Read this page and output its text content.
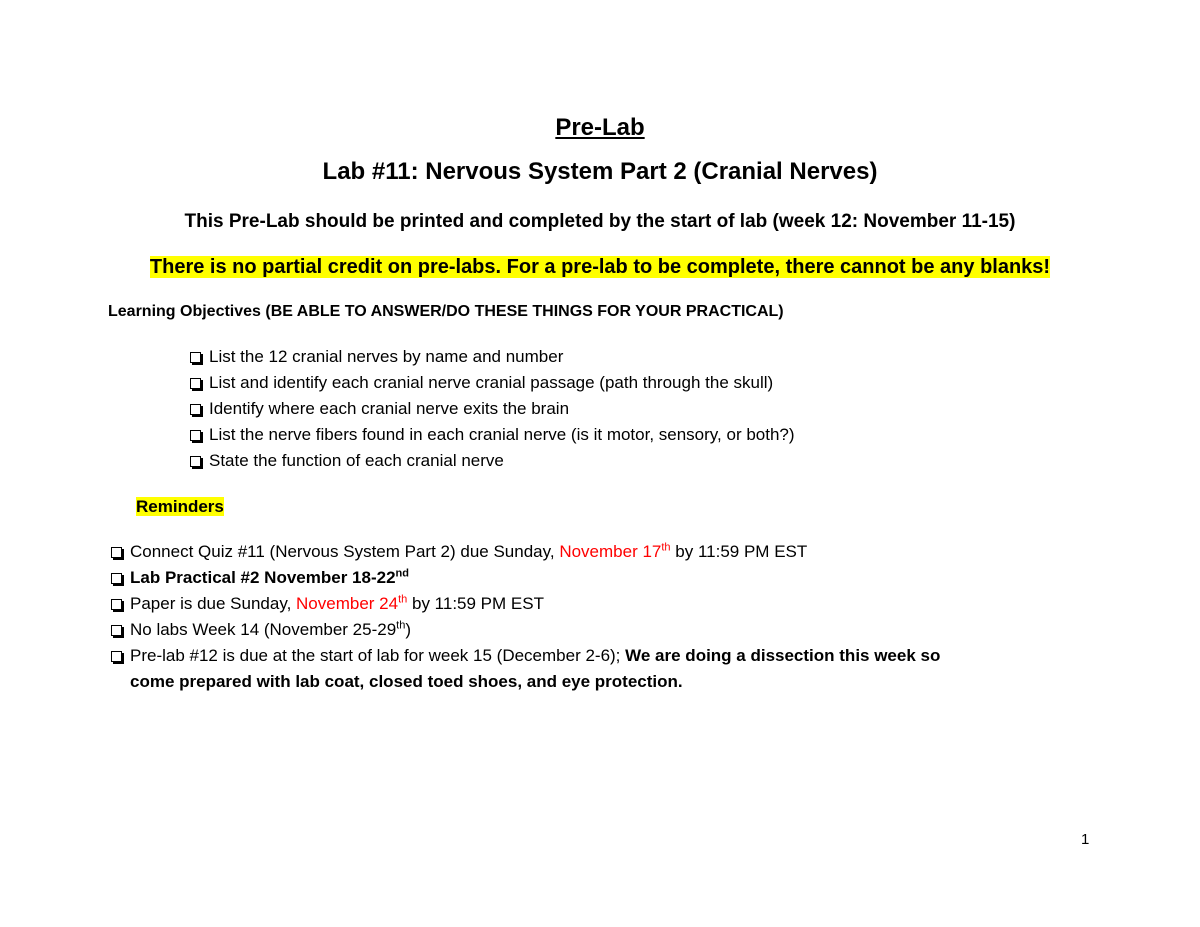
Pre-Lab
Lab #11: Nervous System Part 2 (Cranial Nerves)
This Pre-Lab should be printed and completed by the start of lab (week 12: November 11-15)
There is no partial credit on pre-labs. For a pre-lab to be complete, there cannot be any blanks!
Learning Objectives (BE ABLE TO ANSWER/DO THESE THINGS FOR YOUR PRACTICAL)
List the 12 cranial nerves by name and number
List and identify each cranial nerve cranial passage (path through the skull)
Identify where each cranial nerve exits the brain
List the nerve fibers found in each cranial nerve (is it motor, sensory, or both?)
State the function of each cranial nerve
Reminders
Connect Quiz #11 (Nervous System Part 2) due Sunday, November 17th by 11:59 PM EST
Lab Practical #2 November 18-22nd
Paper is due Sunday, November 24th by 11:59 PM EST
No labs Week 14 (November 25-29th)
Pre-lab #12 is due at the start of lab for week 15 (December 2-6); We are doing a dissection this week so
come prepared with lab coat, closed toed shoes, and eye protection.
1
